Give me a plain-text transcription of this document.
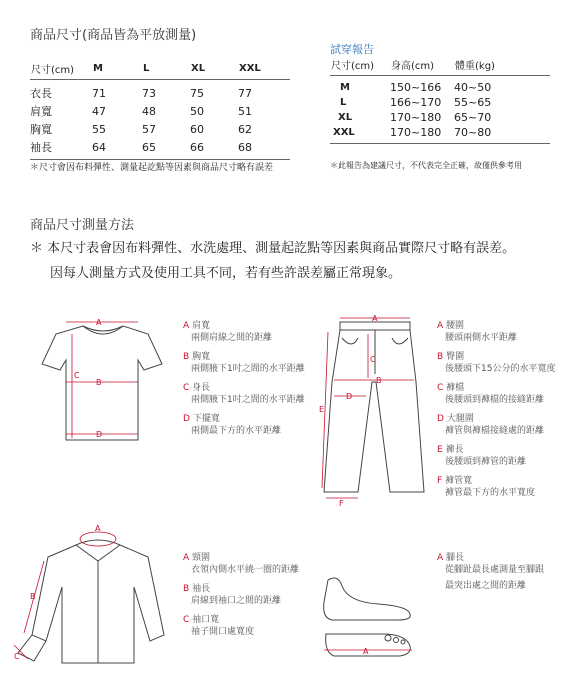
商品尺寸(商品皆為平放測量)
尺寸(cm)	M	L	XL	XXL
衣長	71	73	75	77
肩寬	47	48	50	51
胸寬	55	57	60	62
袖長	64	65	66	68
＊尺寸會因布料彈性、測量起訖點等因素與商品尺寸略有誤差
試穿報告
尺寸(cm)	身高(cm)	體重(kg)
M	150~166	40~50
L	166~170	55~65
XL	170~180	65~70
XXL	170~180	70~80
＊此報告為建議尺寸，不代表完全正確，故僅供參考用
商品尺寸測量方法

＊ 本尺寸表會因布料彈性、水洗處理、測量起訖點等因素與商品實際尺寸略有誤差。

因每人測量方式及使用工具不同，若有些許誤差屬正常現象。

A
B
C
D
A 肩寬
兩側肩線之間的距離
B 胸寬
兩側腋下1吋之間的水平距離
C 身長
兩側腋下1吋之間的水平距離
D 下擺寬
兩側最下方的水平距離
A
B
C
D
E
F
A 腰圍
腰頭兩側水平距離
B 臀圍
後腰頭下15公分的水平寬度
C 褲檔
後腰頭到褲檔的接縫距離
D 大腿圍
褲管與褲檔接縫處的距離
E 褲長
後腰頭到褲管的距離
F 褲管寬
褲管最下方的水平寬度
A
B
C
A 頸圍
衣領內側水平繞一圈的距離
B 袖長
肩線到袖口之間的距離
C 袖口寬
袖子開口處寬度
A
A 腳長
從腳趾最長處測量至腳跟
最突出處之間的距離
